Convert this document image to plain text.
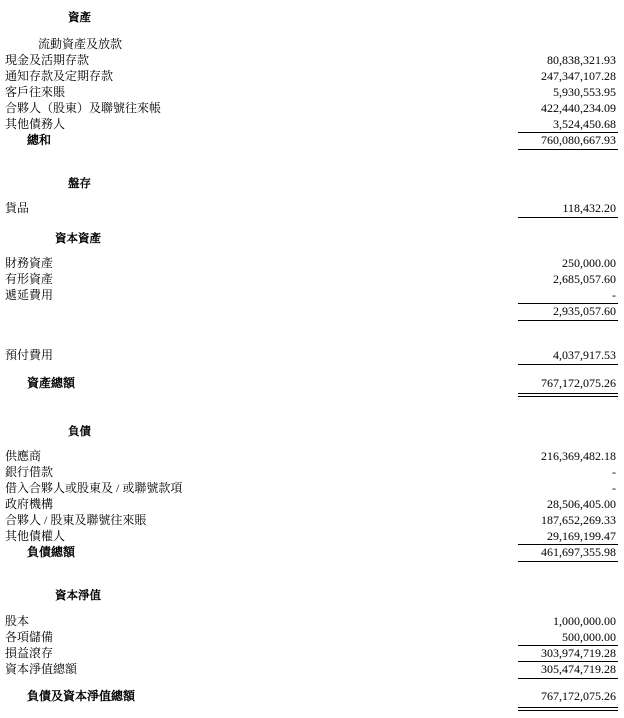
資產
流動資產及放款
現金及活期存款	80,838,321.93
通知存款及定期存款	247,347,107.28
客戶往來賬	5,930,553.95
合夥人（股東）及聯號往來帳	422,440,234.09
其他債務人	3,524,450.68
總和	760,080,667.93
盤存
貨品	118,432.20
資本資產
財務資產	250,000.00
有形資產	2,685,057.60
遞延費用	-
2,935,057.60
預付費用	4,037,917.53
資產總額	767,172,075.26
負債
供應商	216,369,482.18
銀行借款	-
借入合夥人或股東及 / 或聯號款項	-
政府機構	28,506,405.00
合夥人 / 股東及聯號往來賬	187,652,269.33
其他債權人	29,169,199.47
負債總額	461,697,355.98
資本淨值
股本	1,000,000.00
各項儲備	500,000.00
損益滾存	303,974,719.28
資本淨值總額	305,474,719.28
負債及資本淨值總額	767,172,075.26
